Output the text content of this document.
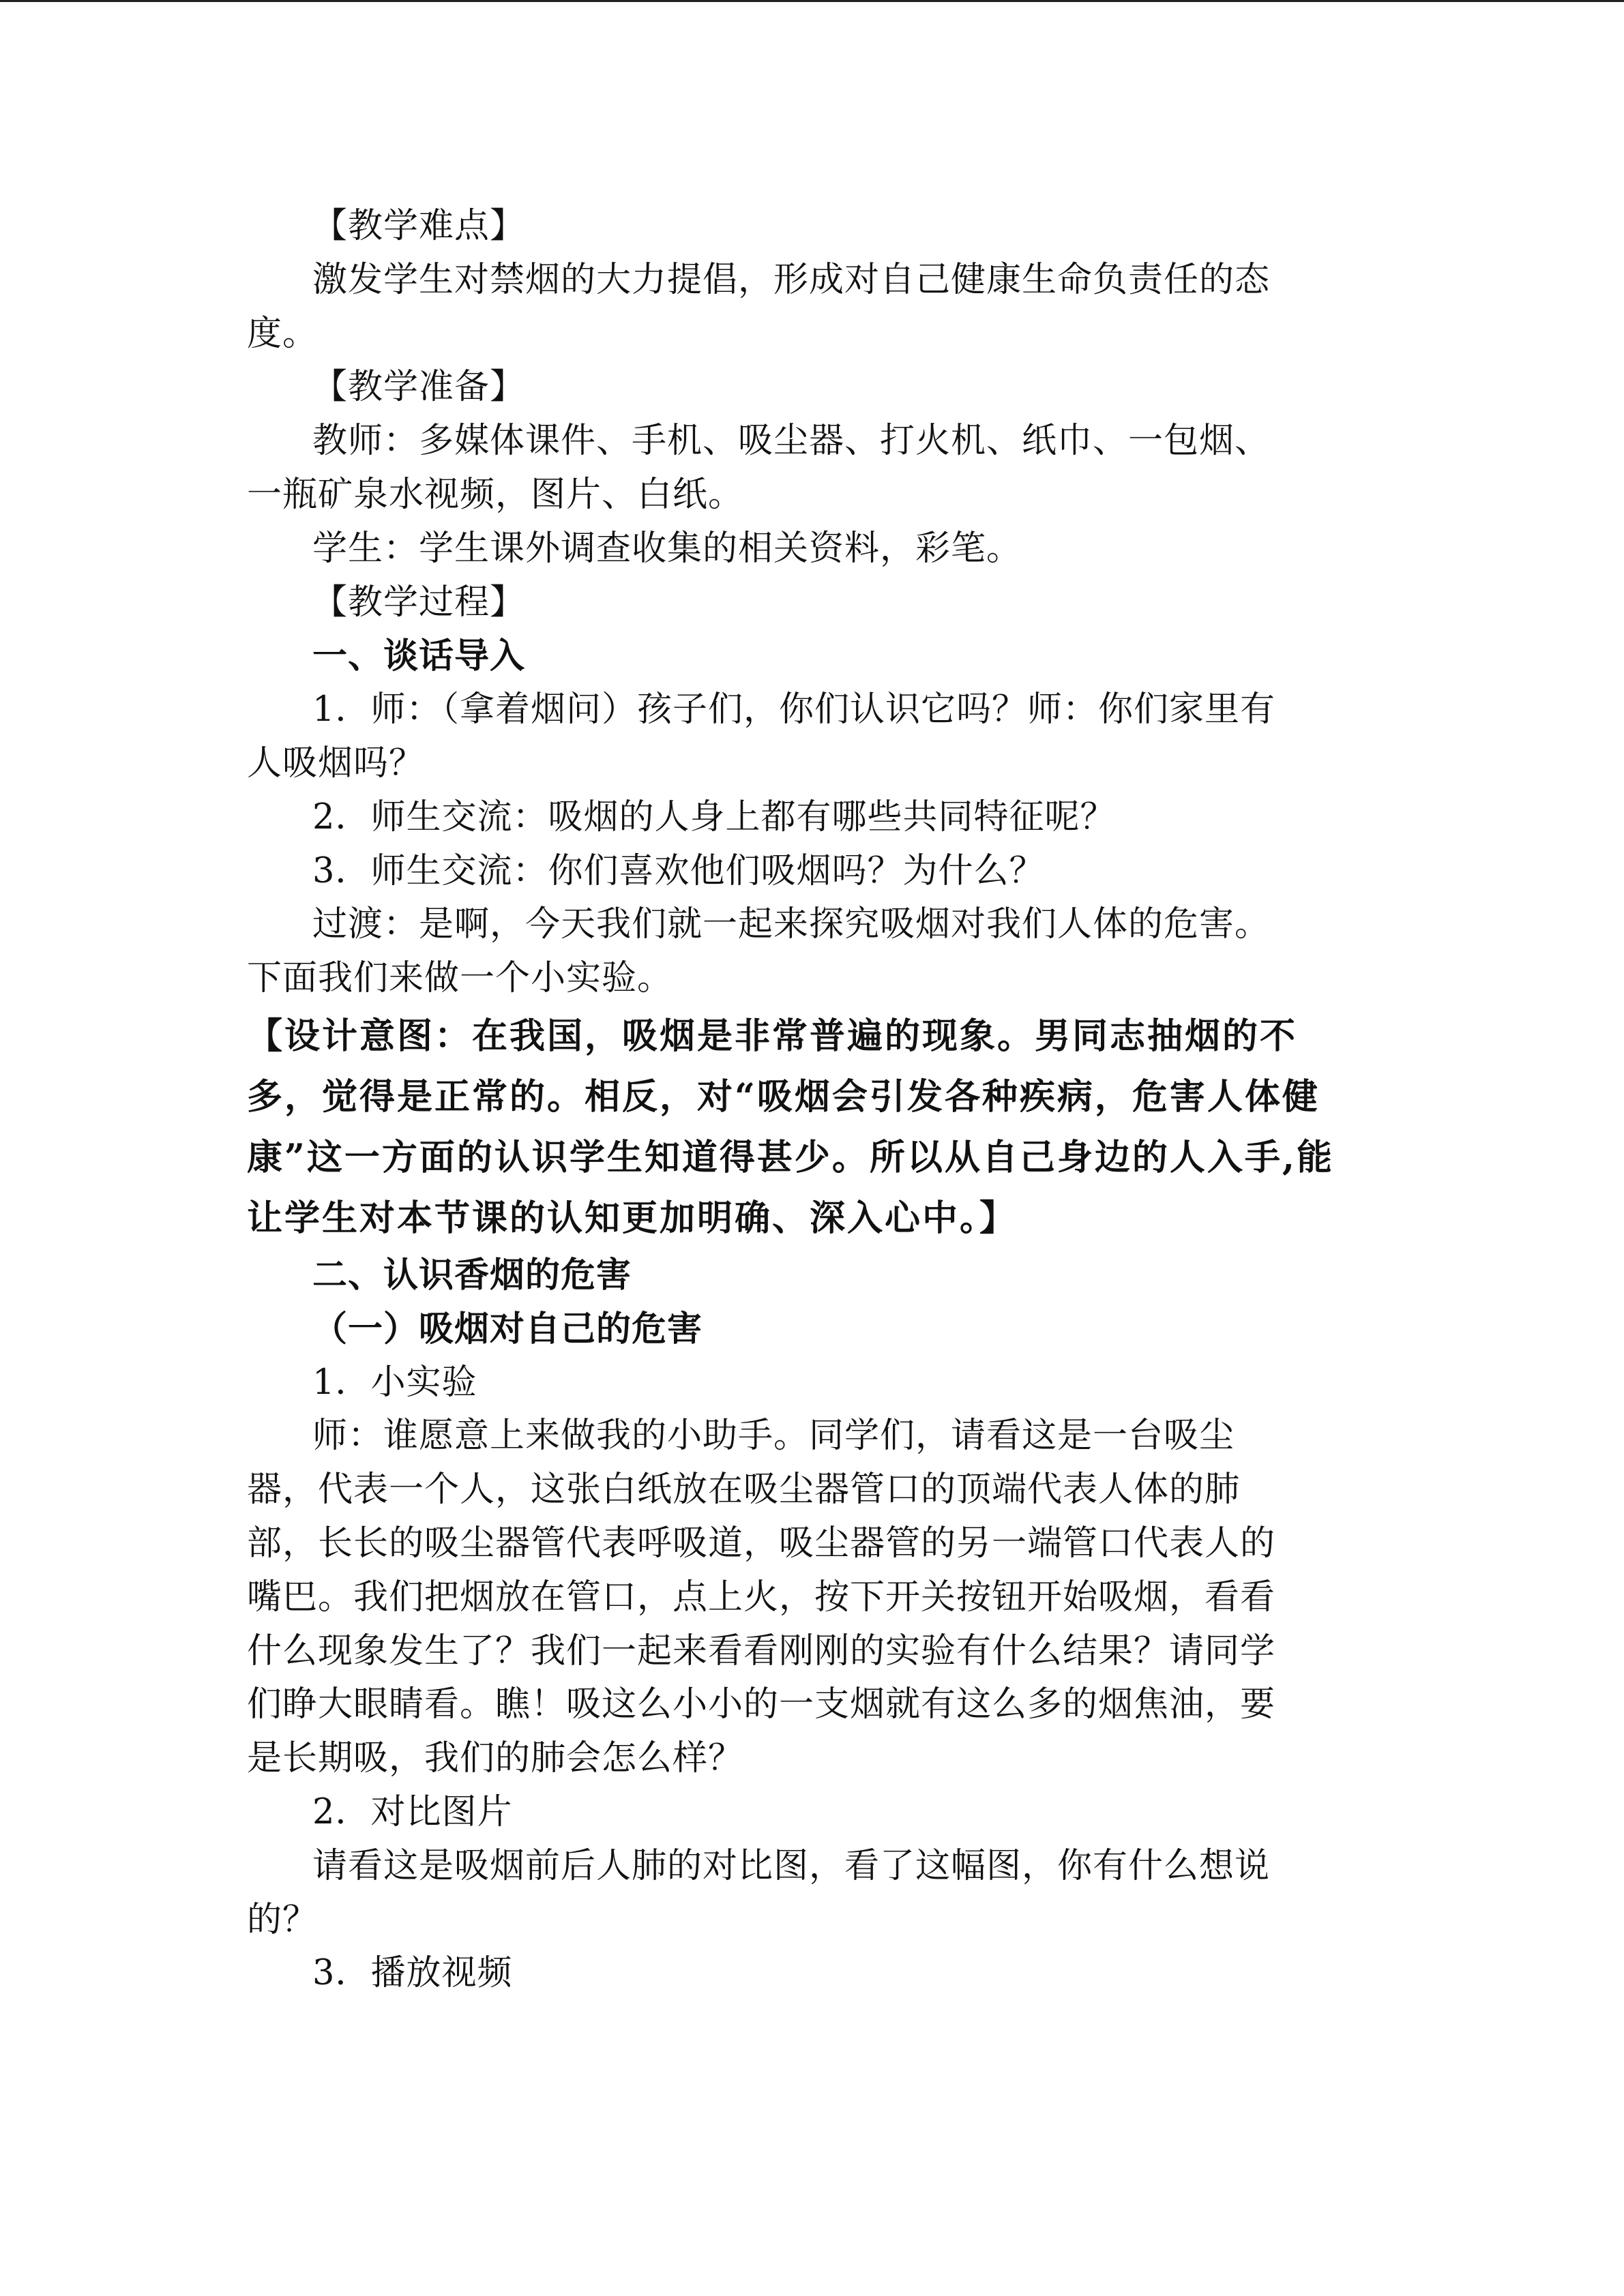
【教学难点】
激发学生对禁烟的大力提倡，形成对自己健康生命负责任的态
度。
【教学准备】
教师：多媒体课件、手机、吸尘器、打火机、纸巾、一包烟、
一瓶矿泉水视频，图片、白纸。
学生：学生课外调查收集的相关资料，彩笔。
【教学过程】
一、谈话导入
1．师：（拿着烟问）孩子们，你们认识它吗？师：你们家里有
人吸烟吗？
2．师生交流：吸烟的人身上都有哪些共同特征呢？
3．师生交流：你们喜欢他们吸烟吗？为什么？
过渡：是啊，今天我们就一起来探究吸烟对我们人体的危害。
下面我们来做一个小实验。
【设计意图：在我国，吸烟是非常普遍的现象。男同志抽烟的不
多，觉得是正常的。相反，对“吸烟会引发各种疾病，危害人体健
康”这一方面的认识学生知道得甚少。所以从自己身边的人入手,能
让学生对本节课的认知更加明确、深入心中。】
二、认识香烟的危害
（一）吸烟对自己的危害
1．小实验
师：谁愿意上来做我的小助手。同学们，请看这是一台吸尘
器，代表一个人，这张白纸放在吸尘器管口的顶端代表人体的肺
部，长长的吸尘器管代表呼吸道，吸尘器管的另一端管口代表人的
嘴巴。我们把烟放在管口，点上火，按下开关按钮开始吸烟，看看
什么现象发生了？我们一起来看看刚刚的实验有什么结果？请同学
们睁大眼睛看。瞧！吸这么小小的一支烟就有这么多的烟焦油，要
是长期吸，我们的肺会怎么样？
2．对比图片
请看这是吸烟前后人肺的对比图，看了这幅图，你有什么想说
的？
3．播放视频
